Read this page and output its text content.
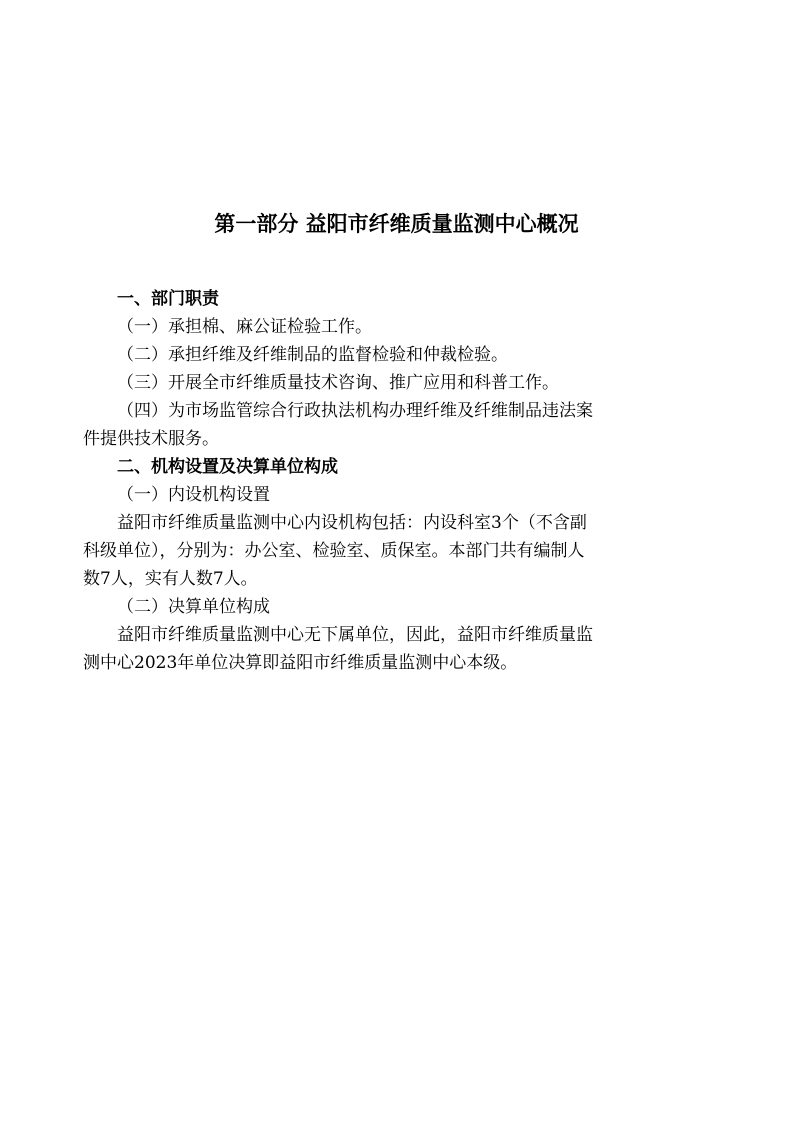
第一部分 益阳市纤维质量监测中心概况
一、部门职责
（一）承担棉、麻公证检验工作。
（二）承担纤维及纤维制品的监督检验和仲裁检验。
（三）开展全市纤维质量技术咨询、推广应用和科普工作。
（四）为市场监管综合行政执法机构办理纤维及纤维制品违法案
件提供技术服务。
二、机构设置及决算单位构成
（一）内设机构设置
益阳市纤维质量监测中心内设机构包括：内设科室3个（不含副
科级单位），分别为：办公室、检验室、质保室。本部门共有编制人
数7人，实有人数7人。
（二）决算单位构成
益阳市纤维质量监测中心无下属单位，因此，益阳市纤维质量监
测中心2023年单位决算即益阳市纤维质量监测中心本级。
